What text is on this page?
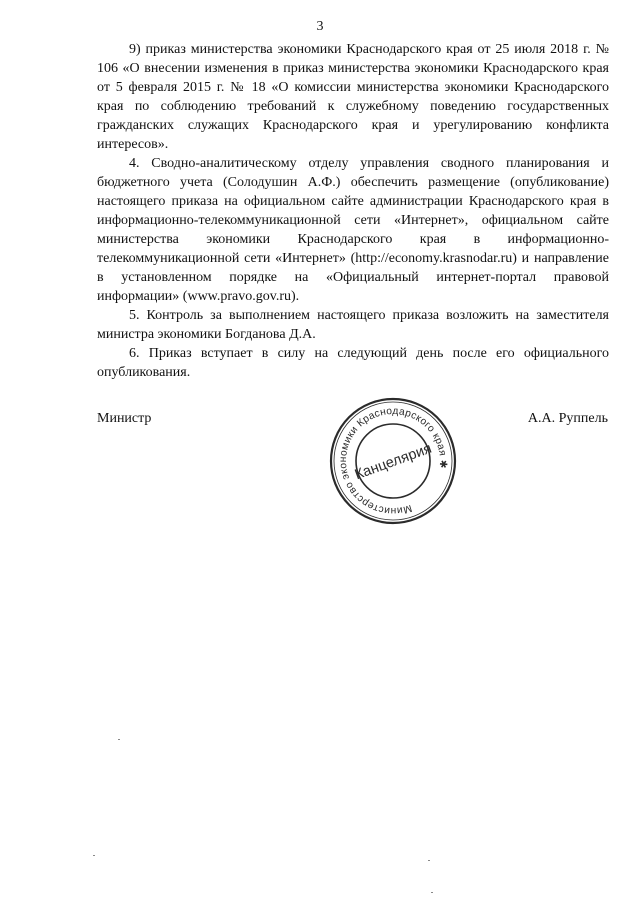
3

9) приказ министерства экономики Краснодарского края от 25 июля 2018 г. № 106 «О внесении изменения в приказ министерства экономики Краснодарского края от 5 февраля 2015 г. № 18 «О комиссии министерства экономики Краснодарского края по соблюдению требований к служебному поведению государственных гражданских служащих Краснодарского края и урегулированию конфликта интересов».

4. Сводно-аналитическому отделу управления сводного планирования и бюджетного учета (Солодушин А.Ф.) обеспечить размещение (опубликование) настоящего приказа на официальном сайте администрации Краснодарского края в информационно-телекоммуникационной сети «Интернет», официальном сайте министерства экономики Краснодарского края в информационно-телекоммуникационной сети «Интернет» (http://economy.krasnodar.ru) и направление в установленном порядке на «Официальный интернет-портал правовой информации» (www.pravo.gov.ru).

5. Контроль за выполнением настоящего приказа возложить на заместителя министра экономики Богданова Д.А.

6. Приказ вступает в силу на следующий день после его официального опубликования.

Министр	А.А. Руппель
Министерство экономики Краснодарского края ✱
Канцелярия
